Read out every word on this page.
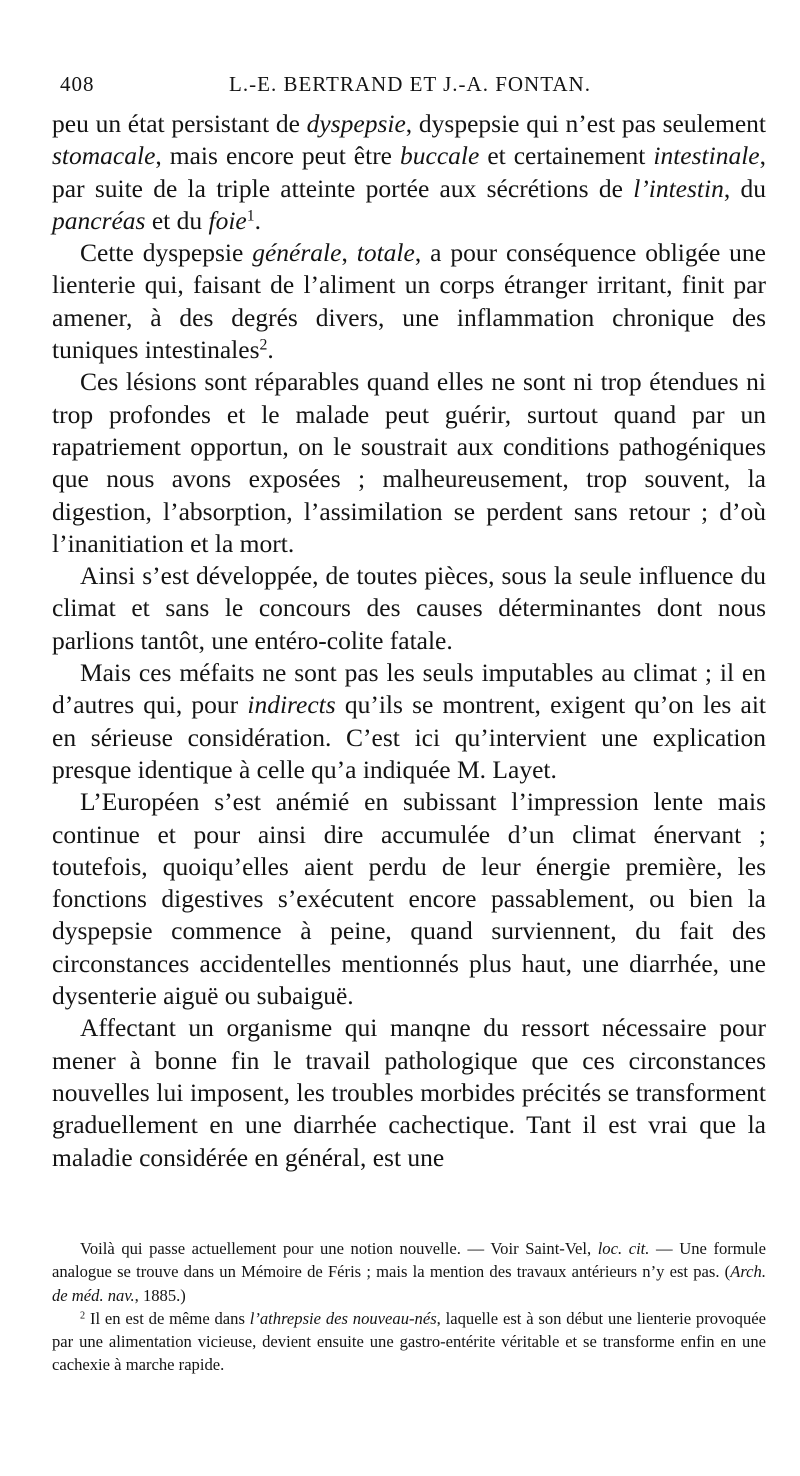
408	L.-E. BERTRAND ET J.-A. FONTAN.

peu un état persistant de dyspepsie, dyspepsie qui n’est pas seulement stomacale, mais encore peut être buccale et certainement intestinale, par suite de la triple atteinte portée aux sécrétions de l’intestin, du pancréas et du foie$^1$.

Cette dyspepsie générale, totale, a pour conséquence obligée une lienterie qui, faisant de l’aliment un corps étranger irritant, finit par amener, à des degrés divers, une inflammation chronique des tuniques intestinales$^2$.

Ces lésions sont réparables quand elles ne sont ni trop étendues ni trop profondes et le malade peut guérir, surtout quand par un rapatriement opportun, on le soustrait aux conditions pathogéniques que nous avons exposées ; malheureusement, trop souvent, la digestion, l’absorption, l’assimilation se perdent sans retour ; d’où l’inanitiation et la mort.

Ainsi s’est développée, de toutes pièces, sous la seule influence du climat et sans le concours des causes déterminantes dont nous parlions tantôt, une entéro-colite fatale.

Mais ces méfaits ne sont pas les seuls imputables au climat ; il en d’autres qui, pour indirects qu’ils se montrent, exigent qu’on les ait en sérieuse considération. C’est ici qu’intervient une explication presque identique à celle qu’a indiquée M. Layet.

L’Européen s’est anémié en subissant l’impression lente mais continue et pour ainsi dire accumulée d’un climat énervant ; toutefois, quoiqu’elles aient perdu de leur énergie première, les fonctions digestives s’exécutent encore passablement, ou bien la dyspepsie commence à peine, quand surviennent, du fait des circonstances accidentelles mentionnés plus haut, une diarrhée, une dysenterie aiguë ou subaiguë.

Affectant un organisme qui manqne du ressort nécessaire pour mener à bonne fin le travail pathologique que ces circonstances nouvelles lui imposent, les troubles morbides précités se transforment graduellement en une diarrhée cachectique. Tant il est vrai que la maladie considérée en général, est une

Voilà qui passe actuellement pour une notion nouvelle. — Voir Saint-Vel, loc. cit. — Une formule analogue se trouve dans un Mémoire de Féris ; mais la mention des travaux antérieurs n’y est pas. (Arch. de méd. nav., 1885.)

$^2$ Il en est de même dans l’athrepsie des nouveau-nés, laquelle est à son début une lienterie provoquée par une alimentation vicieuse, devient ensuite une gastro-entérite véritable et se transforme enfin en une cachexie à marche rapide.
